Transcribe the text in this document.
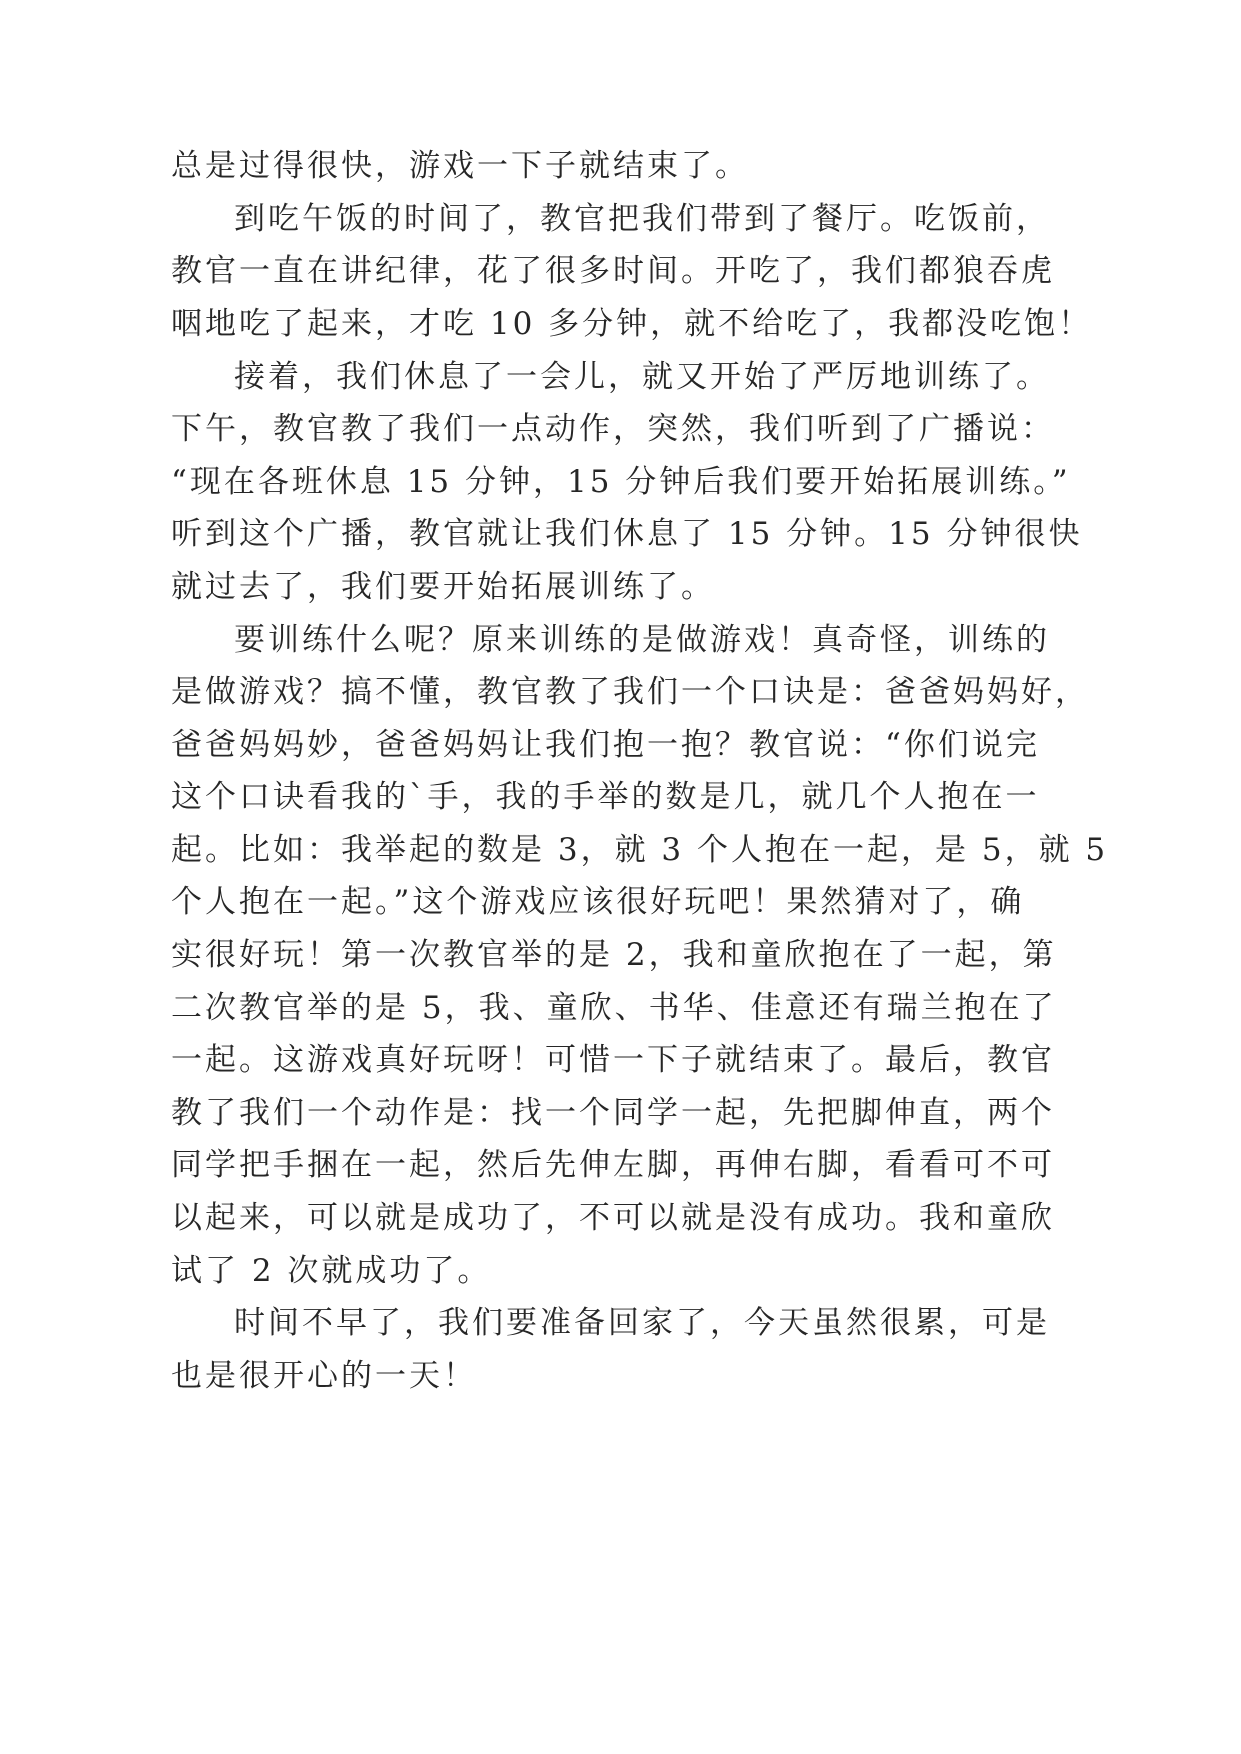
总是过得很快，游戏一下子就结束了。
到吃午饭的时间了，教官把我们带到了餐厅。吃饭前，
教官一直在讲纪律，花了很多时间。开吃了，我们都狼吞虎
咽地吃了起来，才吃 10 多分钟，就不给吃了，我都没吃饱！
接着，我们休息了一会儿，就又开始了严厉地训练了。
下午，教官教了我们一点动作，突然，我们听到了广播说：
“现在各班休息 15 分钟，15 分钟后我们要开始拓展训练。”
听到这个广播，教官就让我们休息了 15 分钟。15 分钟很快
就过去了，我们要开始拓展训练了。
要训练什么呢？原来训练的是做游戏！真奇怪，训练的
是做游戏？搞不懂，教官教了我们一个口诀是：爸爸妈妈好，
爸爸妈妈妙，爸爸妈妈让我们抱一抱？教官说：“你们说完
这个口诀看我的`手，我的手举的数是几，就几个人抱在一
起。比如：我举起的数是 3，就 3 个人抱在一起，是 5，就 5
个人抱在一起。”这个游戏应该很好玩吧！果然猜对了，确
实很好玩！第一次教官举的是 2，我和童欣抱在了一起，第
二次教官举的是 5，我、童欣、书华、佳意还有瑞兰抱在了
一起。这游戏真好玩呀！可惜一下子就结束了。最后，教官
教了我们一个动作是：找一个同学一起，先把脚伸直，两个
同学把手捆在一起，然后先伸左脚，再伸右脚，看看可不可
以起来，可以就是成功了，不可以就是没有成功。我和童欣
试了 2 次就成功了。
时间不早了，我们要准备回家了，今天虽然很累，可是
也是很开心的一天！
